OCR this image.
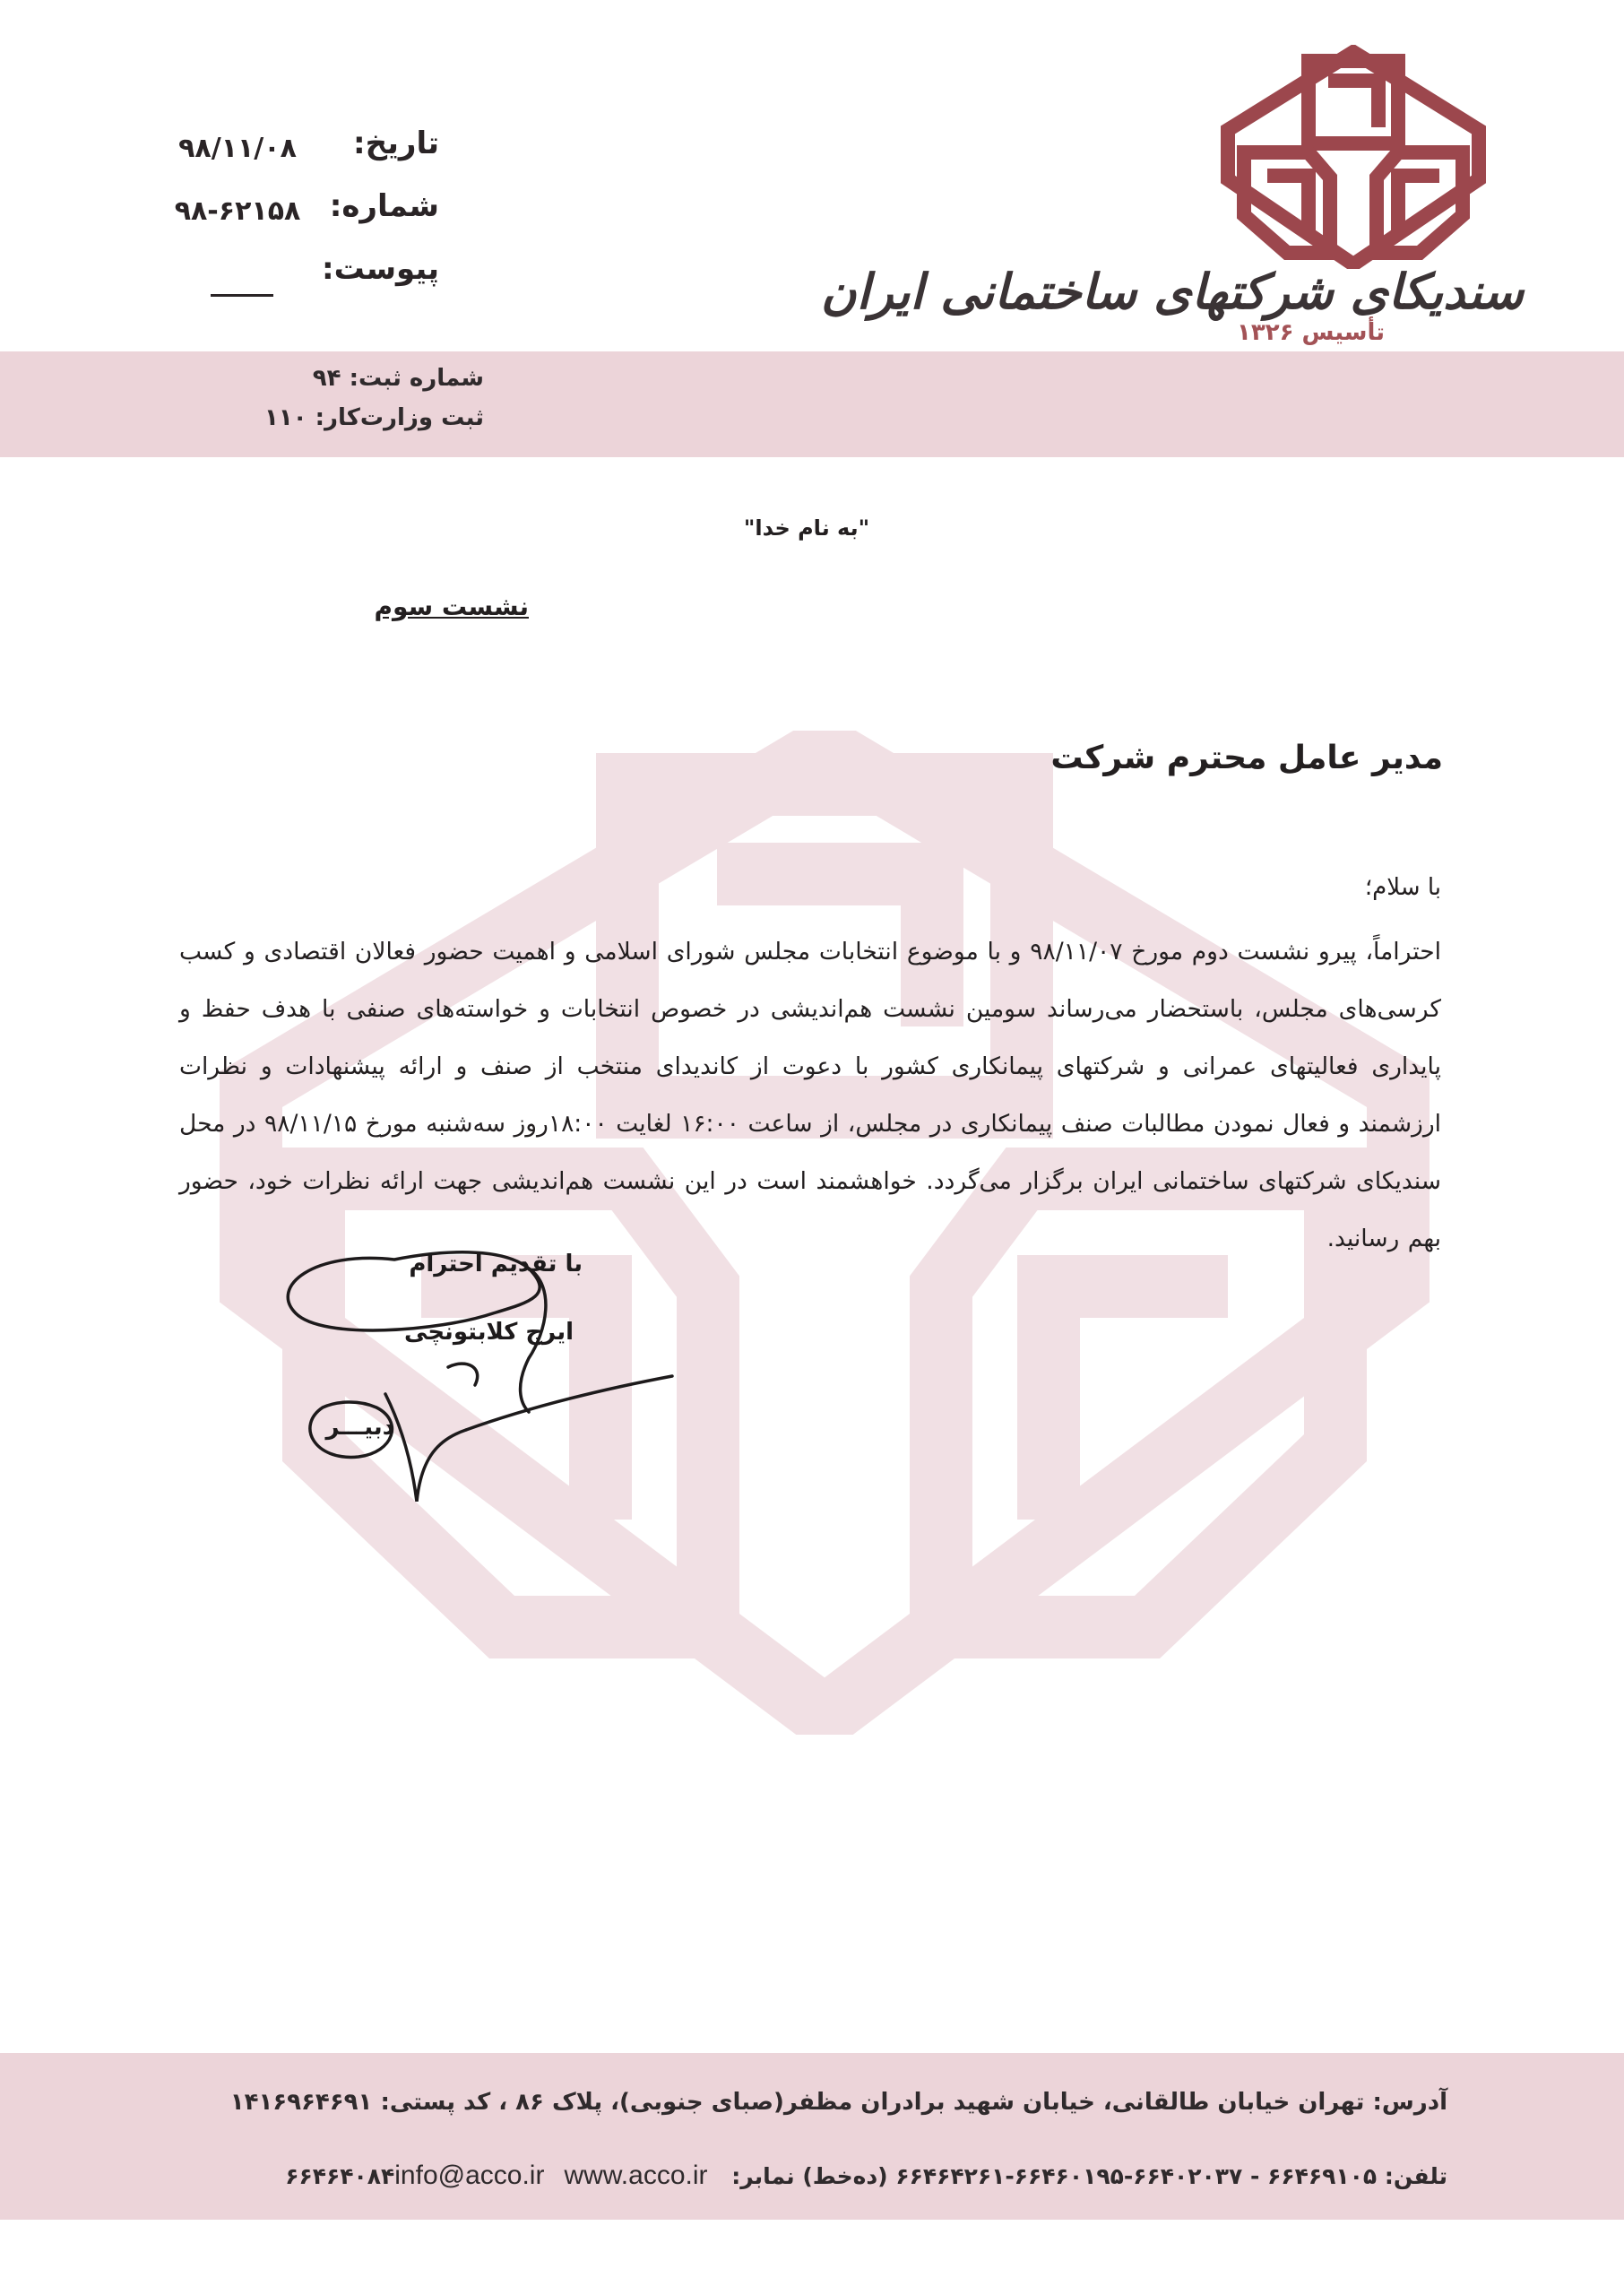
سندیکای شرکتهای ساختمانی ایران
تأسیس ۱۳۲۶
تاریخ:
۹۸/۱۱/۰۸
شماره:
۹۸-۶۲۱۵۸
پیوست:
شماره ثبت: ۹۴
ثبت وزارت‌کار: ۱۱۰
"به نام خدا"
نشست سوم
مدیر عامل محترم شرکت
با سلام؛
احتراماً، پیرو نشست دوم مورخ ۹۸/۱۱/۰۷ و با موضوع انتخابات مجلس شورای اسلامی و اهمیت حضور فعالان اقتصادی و کسب کرسی‌های مجلس، باستحضار می‌رساند سومین نشست هم‌اندیشی در خصوص انتخابات و خواسته‌های صنفی با هدف حفظ و پایداری فعالیتهای عمرانی و شرکتهای پیمانکاری کشور با دعوت از کاندیدای منتخب از صنف و ارائه پیشنهادات و نظرات ارزشمند و فعال نمودن مطالبات صنف پیمانکاری در مجلس، از ساعت ۱۶:۰۰ لغایت ۱۸:۰۰روز سه‌شنبه مورخ ۹۸/۱۱/۱۵ در محل سندیکای شرکتهای ساختمانی ایران برگزار می‌گردد. خواهشمند است در این نشست هم‌اندیشی جهت ارائه نظرات خود، حضور بهم رسانید.
با تقدیم احترام
ایرج کلابتونچی
دبیـــر
آدرس: تهران خیابان طالقانی، خیابان شهید برادران مظفر(صبای جنوبی)، پلاک ۸۶ ، کد پستی: ۱۴۱۶۹۶۴۶۹۱
تلفن: ۶۶۴۶۹۱۰۵ - ۶۶۴۰۲۰۳۷-۶۶۴۶۰۱۹۵-۶۶۴۶۴۲۶۱ (ده‌خط) نمابر: ۶۶۴۶۴۰۸۴info@acco.ir www.acco.ir
